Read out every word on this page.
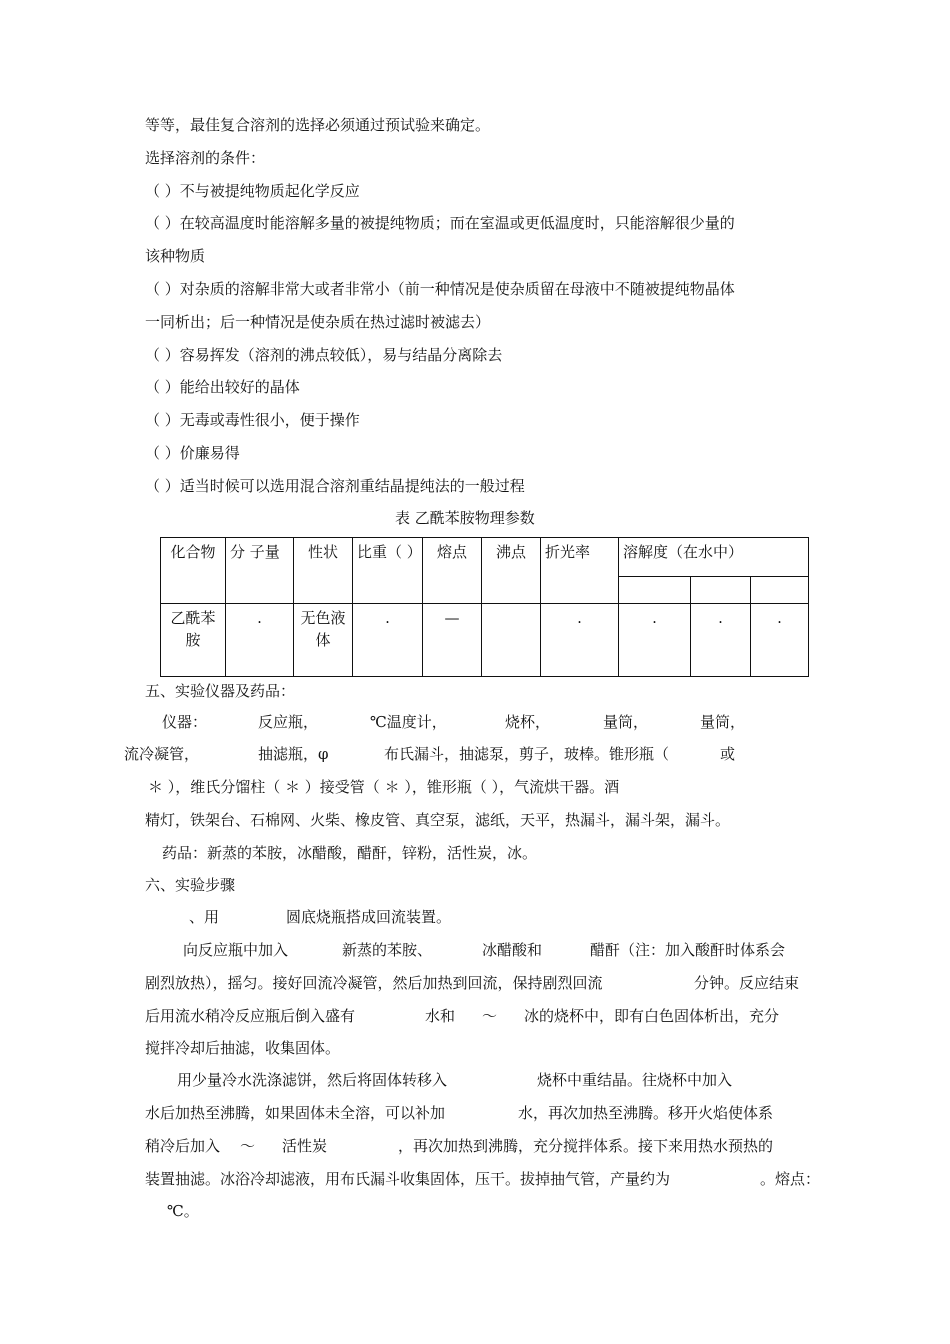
等等，最佳复合溶剂的选择必须通过预试验来确定。
选择溶剂的条件：
（ ）不与被提纯物质起化学反应
（ ）在较高温度时能溶解多量的被提纯物质；而在室温或更低温度时，只能溶解很少量的
该种物质
（ ）对杂质的溶解非常大或者非常小（前一种情况是使杂质留在母液中不随被提纯物晶体
一同析出；后一种情况是使杂质在热过滤时被滤去）
（ ）容易挥发（溶剂的沸点较低），易与结晶分离除去
（ ）能给出较好的晶体
（ ）无毒或毒性很小，便于操作
（ ）价廉易得
（ ）适当时候可以选用混合溶剂重结晶提纯法的一般过程
表 乙酰苯胺物理参数
化合物	分 子量	性状	比重（ ）	熔点	沸点	折光率	溶解度（在水中）		

乙酰苯胺	.	无色液体	.	—		.	.	.	.
五、实验仪器及药品：
仪器：	反应瓶，	℃温度计，	烧杯，	量筒，	量筒，
流冷凝管，	抽滤瓶，φ	布氏漏斗，抽滤泵，剪子，玻棒。锥形瓶（	或
＊ ），维氏分馏柱（ ＊ ）接受管（ ＊ ），锥形瓶（ ），气流烘干器。酒
精灯，铁架台、石棉网、火柴、橡皮管、真空泵，滤纸，天平，热漏斗，漏斗架，漏斗。
药品：新蒸的苯胺，冰醋酸，醋酐，锌粉，活性炭，冰。
六、实验步骤
、用	圆底烧瓶搭成回流装置。
向反应瓶中加入	新蒸的苯胺、	冰醋酸和	醋酐（注：加入酸酐时体系会
剧烈放热），摇匀。接好回流冷凝管，然后加热到回流，保持剧烈回流	分钟。反应结束
后用流水稍冷反应瓶后倒入盛有	水和 ～ 冰的烧杯中，即有白色固体析出，充分
搅拌冷却后抽滤，收集固体。
用少量冷水洗涤滤饼，然后将固体转移入	烧杯中重结晶。往烧杯中加入
水后加热至沸腾，如果固体未全溶，可以补加	水，再次加热至沸腾。移开火焰使体系
稍冷后加入 ～ 活性炭	，再次加热到沸腾，充分搅拌体系。接下来用热水预热的
装置抽滤。冰浴冷却滤液，用布氏漏斗收集固体，压干。拔掉抽气管，产量约为	。熔点：
℃。
